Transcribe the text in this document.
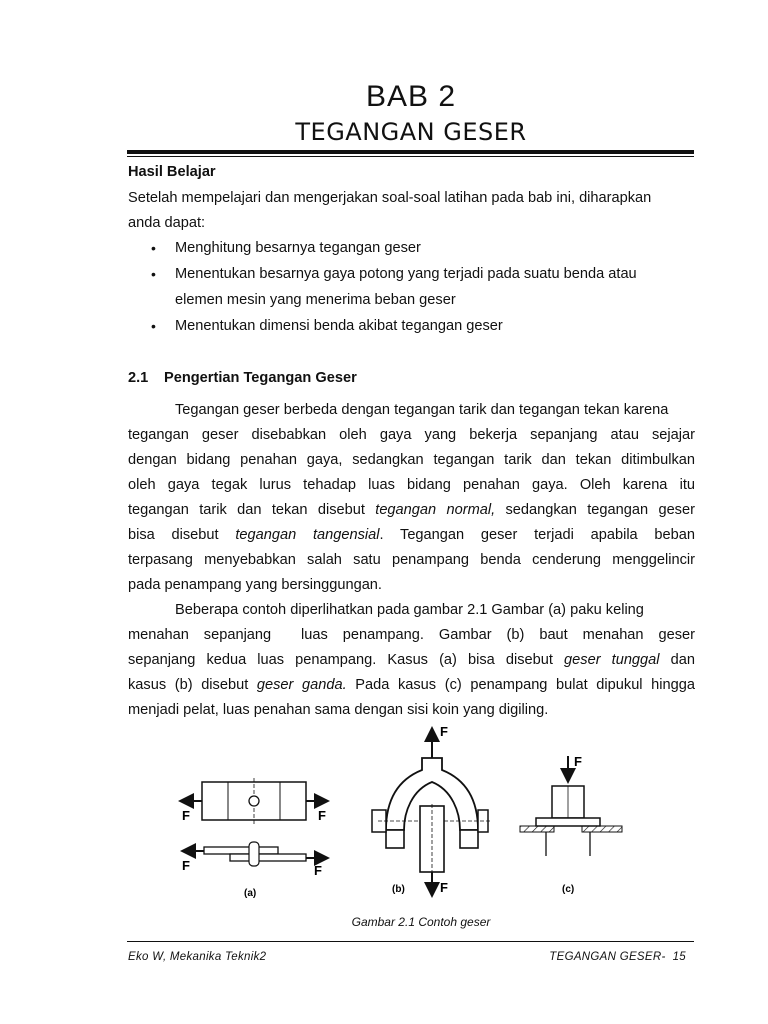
BAB 2
TEGANGAN GESER
Hasil Belajar
Setelah mempelajari dan mengerjakan soal-soal latihan pada bab ini, diharapkan
anda dapat:
• Menghitung besarnya tegangan geser
• Menentukan besarnya gaya potong yang terjadi pada suatu benda atau
elemen mesin yang menerima beban geser
• Menentukan dimensi benda akibat tegangan geser
2.1 Pengertian Tegangan Geser
Tegangan geser berbeda dengan tegangan tarik dan tegangan tekan karena
tegangan geser disebabkan oleh gaya yang bekerja sepanjang atau sejajar
dengan bidang penahan gaya, sedangkan tegangan tarik dan tekan ditimbulkan
oleh gaya tegak lurus tehadap luas bidang penahan gaya. Oleh karena itu
tegangan tarik dan tekan disebut tegangan normal, sedangkan tegangan geser
bisa disebut tegangan tangensial. Tegangan geser terjadi apabila beban
terpasang menyebabkan salah satu penampang benda cenderung menggelincir
pada penampang yang bersinggungan.
Beberapa contoh diperlihatkan pada gambar 2.1 Gambar (a) paku keling
menahan sepanjang  luas penampang. Gambar (b) baut menahan geser
sepanjang kedua luas penampang. Kasus (a) bisa disebut geser tunggal dan
kasus (b) disebut geser ganda. Pada kasus (c) penampang bulat dipukul hingga
menjadi pelat, luas penahan sama dengan sisi koin yang digiling.
F	F
F	F
(a)
F
F
(b)
F
(c)
Gambar 2.1 Contoh geser
Eko W, Mekanika Teknik2	TEGANGAN GESER-  15
